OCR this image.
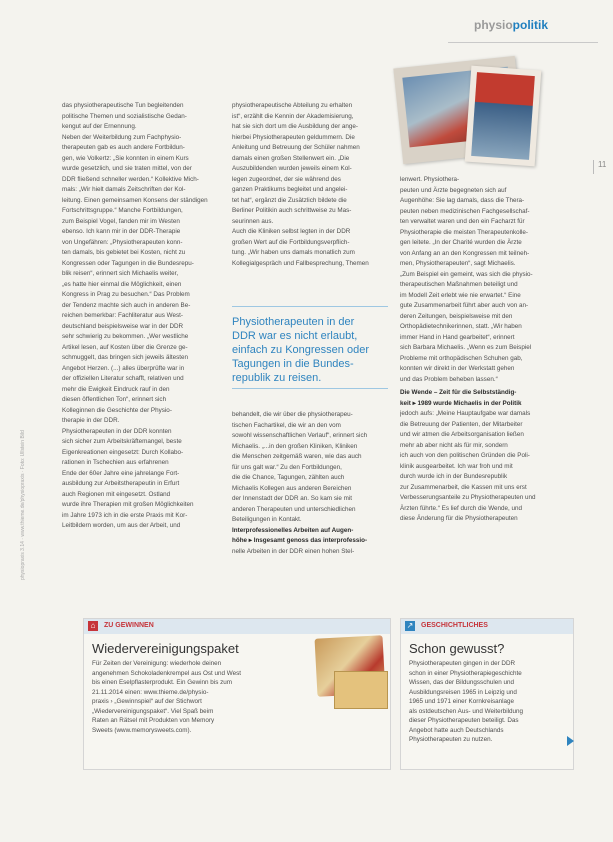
physiopolitik
11
das physiotherapeutische Tun begleitenden
politische Themen und sozialistische Gedan-
kengut auf der Ernennung.
Neben der Weiterbildung zum Fachphysio-
therapeuten gab es auch andere Fortbildun-
gen, wie Volkertz: „Sie konnten in einem Kurs
wurde gesetzlich, und sie traten mittel, von der
DDR fließend schneller werden.“ Kollektive Mich-
mals: „Wir hielt damals Zeitschriften der Kol-
leitung. Einen gemeinsamen Konsens der ständigen
Fortschrittsgruppe.“ Manche Fortbildungen,
zum Beispiel Vogel, fanden mir im Westen
ebenso. Ich kann mir in der DDR-Therapie
von Ungefähren: „Physiotherapeuten konn-
ten damals, bis gebietet bei Kosten, nicht zu
Kongressen oder Tagungen in die Bundesrepu-
blik reisen“, erinnert sich Michaelis weiter,
„es hatte hier einmal die Möglichkeit, einen
Kongress in Prag zu besuchen.“ Das Problem
der Tendenz machte sich auch in anderen Be-
reichen bemerkbar: Fachliteratur aus West-
deutschland beispielsweise war in der DDR
sehr schwierig zu bekommen. „Wer westliche
Artikel lesen, auf Kosten über die Grenze ge-
schmuggelt, das bringen sich jeweils ältesten
Angebot Herzen. (...) alles überprüfte war in
der offiziellen Literatur schafft, relativen und
mehr die Ewigkeit Eindruck rauf in den
diesen öffentlichen Ton“, erinnert sich
Kolleginnen die Geschichte der Physio-
therapie in der DDR.
Physiotherapeuten in der DDR konnten
sich sicher zum Arbeitskräftemangel, beste
Eigenkreationen eingesetzt: Durch Kollabo-
rationen in Tschechien aus erfahrenen
Ende der 60er Jahre eine jahrelange Fort-
ausbildung zur Arbeitstherapeutin in Erfurt
auch Regionen mit eingesetzt. Ostland
wurde ihre Therapien mit großen Möglichkeiten
im Jahre 1973 ich in die erste Praxis mit Kor-
Leitbildern worden, um aus der Arbeit, und
physiotherapeutische Abteilung zu erhalten
ist“, erzählt die Kennin der Akademisierung,
hat sie sich dort um die Ausbildung der ange-
hierbei Physiotherapeuten geldummern. Die
Anleitung und Betreuung der Schüler nahmen
damals einen großen Stellenwert ein. „Die
Auszubildenden wurden jeweils einem Kol-
legen zugeordnet, der sie während des
ganzen Praktikums begleitet und angelei-
tet hat“, ergänzt die Zusätzlich bildete die
Berliner Politikin auch schrittweise zu Mas-
seurinnen aus.
Auch die Kliniken selbst legten in der DDR
großen Wert auf die Fortbildungsverpflich-
tung. „Wir haben uns damals monatlich zum
Kollegialgespräch und Fallbesprechung, Themen
Physiotherapeuten in der
DDR war es nicht erlaubt,
einfach zu Kongressen oder
Tagungen in die Bundes-
republik zu reisen.
behandelt, die wir über die physiotherapeu-
tischen Fachartikel, die wir an den vom
sowohl wissenschaftlichen Verlauf“, erinnert sich
Michaelis. „...in den großen Kliniken, Kliniken
die Menschen zeitgemäß waren, wie das auch
für uns galt war.“ Zu den Fortbildungen,
die die Chance, Tagungen, zählten auch
Michaelis Kollegen aus anderen Bereichen
der Innenstadt der DDR an. So kam sie mit
anderen Therapeuten und unterschiedlichen
Beteiligungen in Kontakt.
Interprofessionelles Arbeiten auf Augen-
höhe ▸ Insgesamt genoss das interprofessio-
nelle Arbeiten in der DDR einen hohen Stel-
lenwert. Physiothera-
peuten und Ärzte begegneten sich auf
Augenhöhe: Sie lag damals, dass die Thera-
peuten neben medizinischen Fachgesellschaf-
ten verwaltet waren und den ein Facharzt für
Physiotherapie die meisten Therapeutenkolle-
gen leitete. „In der Charité wurden die Ärzte
von Anfang an an den Kongressen mit teilneh-
men, Physiotherapeuten“, sagt Michaelis.
„Zum Beispiel ein gemeint, was sich die physio-
therapeutischen Maßnahmen beteiligt und
im Modell Zeit erlebt wie nie erwartet.“ Eine
gute Zusammenarbeit führt aber auch von an-
deren Zeitungen, beispielsweise mit den
Orthopädietechnikerinnen, statt. „Wir haben
immer Hand in Hand gearbeitet“, erinnert
sich Barbara Michaelis. „Wenn es zum Beispiel
Probleme mit orthopädischen Schuhen gab,
konnten wir direkt in der Werkstatt gehen
und das Problem beheben lassen.“
Die Wende – Zeit für die Selbstständig-
keit ▸ 1989 wurde Michaelis in der Politik
jedoch aufs: „Meine Hauptaufgabe war damals
die Betreuung der Patienten, der Mitarbeiter
und wir atmen die Arbeitsorganisation ließen
mehr ab aber nicht als für mir, sondern
ich auch von den politischen Gründen die Poli-
klinik ausgearbeitet. Ich war froh und mit
durch wurde ich in der Bundesrepublik
zur Zusammenarbeit, die Kassen mit uns erst
Verbesserungsanteile zu Physiotherapeuten und
Ärzten führte.“ Es lief durch die Wende, und
diese Änderung für die Physiotherapeuten
physiopraxis 3.14 · www.thieme.de/physiopraxis · Foto: Ullstein Bild
⌂	ZU GEWINNEN
Wiedervereinigungspaket
Für Zeiten der Vereinigung: wiederhole deinen
angenehmen Schokoladenkrempel aus Ost und West
bis einen Eselpflasterprodukt. Ein Gewinn bis zum
21.11.2014 einen: www.thieme.de/physio-
praxis › „Gewinnspiel“ auf der Stichwort
„Wiedervereinigungspaket“. Viel Spaß beim
Raten an Rätsel mit Produkten von Memory
Sweets (www.memorysweets.com).
↗ GESCHICHTLICHES
Schon gewusst?
Physiotherapeuten gingen in der DDR
schon in einer Physiotherapiegeschichte
Wissen, das der Bildungsschulen und
Ausbildungsreisen 1965 in Leipzig und
1965 und 1971 einer Kornkreisanlage
als ostdeutschen Aus- und Weiterbildung
dieser Physiotherapeuten beteiligt. Das
Angebot hatte auch Deutschlands
Physiotherapeuten zu nutzen.
